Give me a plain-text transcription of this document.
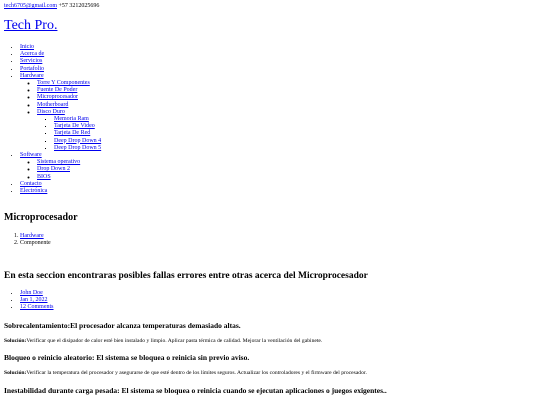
tech6705@gmail.com +57 3212025696
Tech Pro.
• Inicio
• Acerca de
• Servicios
• Portafolio
• Hardware
◦ Torre Y Componentes
◦ Fuente De Poder
◦ Microprocesador
◦ Motherboard
◦ Disco Duro
▪ Memoria Ram
▪ Tarjeta De Video
▪ Tarjeta De Red
▪ Deep Drop Down 4
▪ Deep Drop Down 5
• Software
◦ Sistema operativo
◦ Drop Down 2
◦ BIOS
• Contacto
• Electrónica
Microprocesador
1. Hardware
2. Componente
En esta seccion encontraras posibles fallas errores entre otras acerca del Microprocesador
• John Doe
• Jan 1, 2022
• 12 Comments
Sobrecalentamiento:El procesador alcanza temperaturas demasiado altas.

Solución:Verificar que el disipador de calor esté bien instalado y limpio. Aplicar pasta térmica de calidad. Mejorar la ventilación del gabinete.

Bloqueo o reinicio aleatorio: El sistema se bloquea o reinicia sin previo aviso.

Solución:Verificar la temperatura del procesador y asegurarse de que esté dentro de los límites seguros. Actualizar los controladores y el firmware del procesador.

Inestabilidad durante carga pesada: El sistema se bloquea o reinicia cuando se ejecutan aplicaciones o juegos exigentes..
